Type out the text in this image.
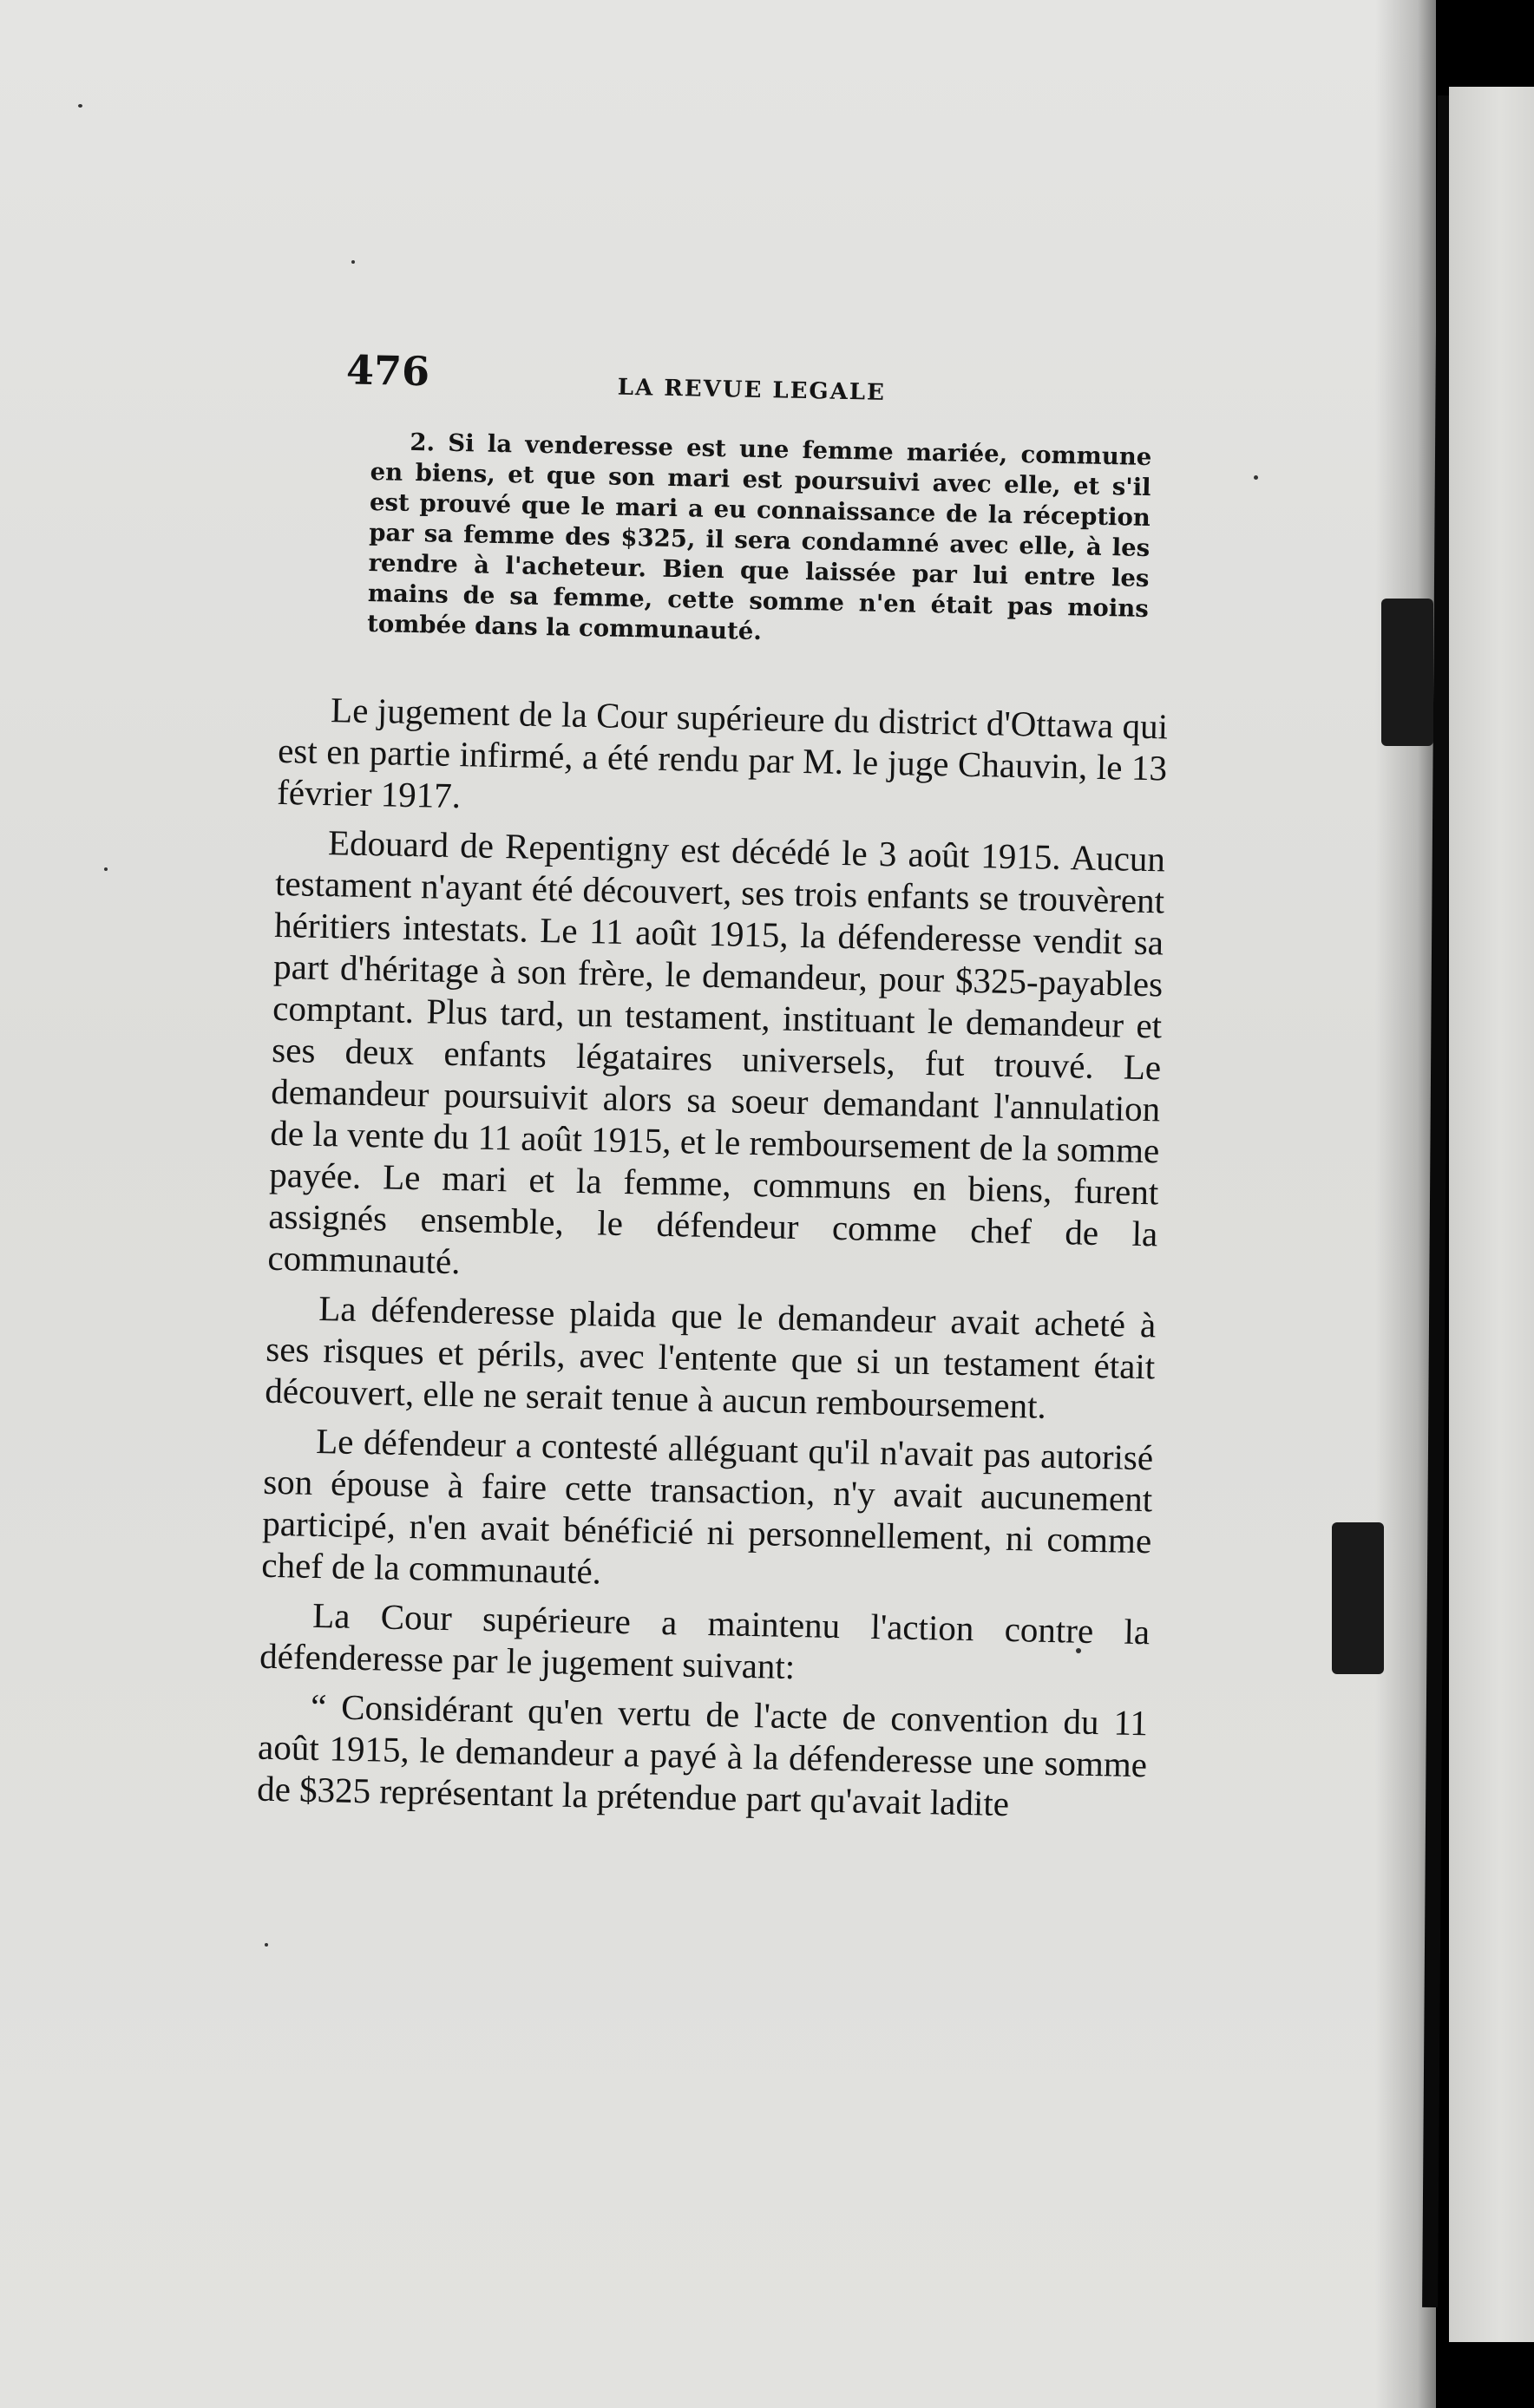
476	LA REVUE LEGALE

2. Si la venderesse est une femme mariée, commune en biens, et que son mari est poursuivi avec elle, et s'il est prouvé que le mari a eu connaissance de la réception par sa femme des $325, il sera condamné avec elle, à les rendre à l'acheteur. Bien que laissée par lui entre les mains de sa femme, cette somme n'en était pas moins tombée dans la communauté.

Le jugement de la Cour supérieure du district d'Ottawa qui est en partie infirmé, a été rendu par M. le juge Chauvin, le 13 février 1917.

Edouard de Repentigny est décédé le 3 août 1915. Aucun testament n'ayant été découvert, ses trois enfants se trouvèrent héritiers intestats. Le 11 août 1915, la défenderesse vendit sa part d'héritage à son frère, le demandeur, pour $325-payables comptant. Plus tard, un testament, instituant le demandeur et ses deux enfants légataires universels, fut trouvé. Le demandeur poursuivit alors sa soeur demandant l'annulation de la vente du 11 août 1915, et le remboursement de la somme payée. Le mari et la femme, communs en biens, furent assignés ensemble, le défendeur comme chef de la communauté.

La défenderesse plaida que le demandeur avait acheté à ses risques et périls, avec l'entente que si un testament était découvert, elle ne serait tenue à aucun remboursement.

Le défendeur a contesté alléguant qu'il n'avait pas autorisé son épouse à faire cette transaction, n'y avait aucunement participé, n'en avait bénéficié ni personnellement, ni comme chef de la communauté.

La Cour supérieure a maintenu l'action contre la défenderesse par le jugement suivant:

“ Considérant qu'en vertu de l'acte de convention du 11 août 1915, le demandeur a payé à la défenderesse une somme de $325 représentant la prétendue part qu'avait ladite
